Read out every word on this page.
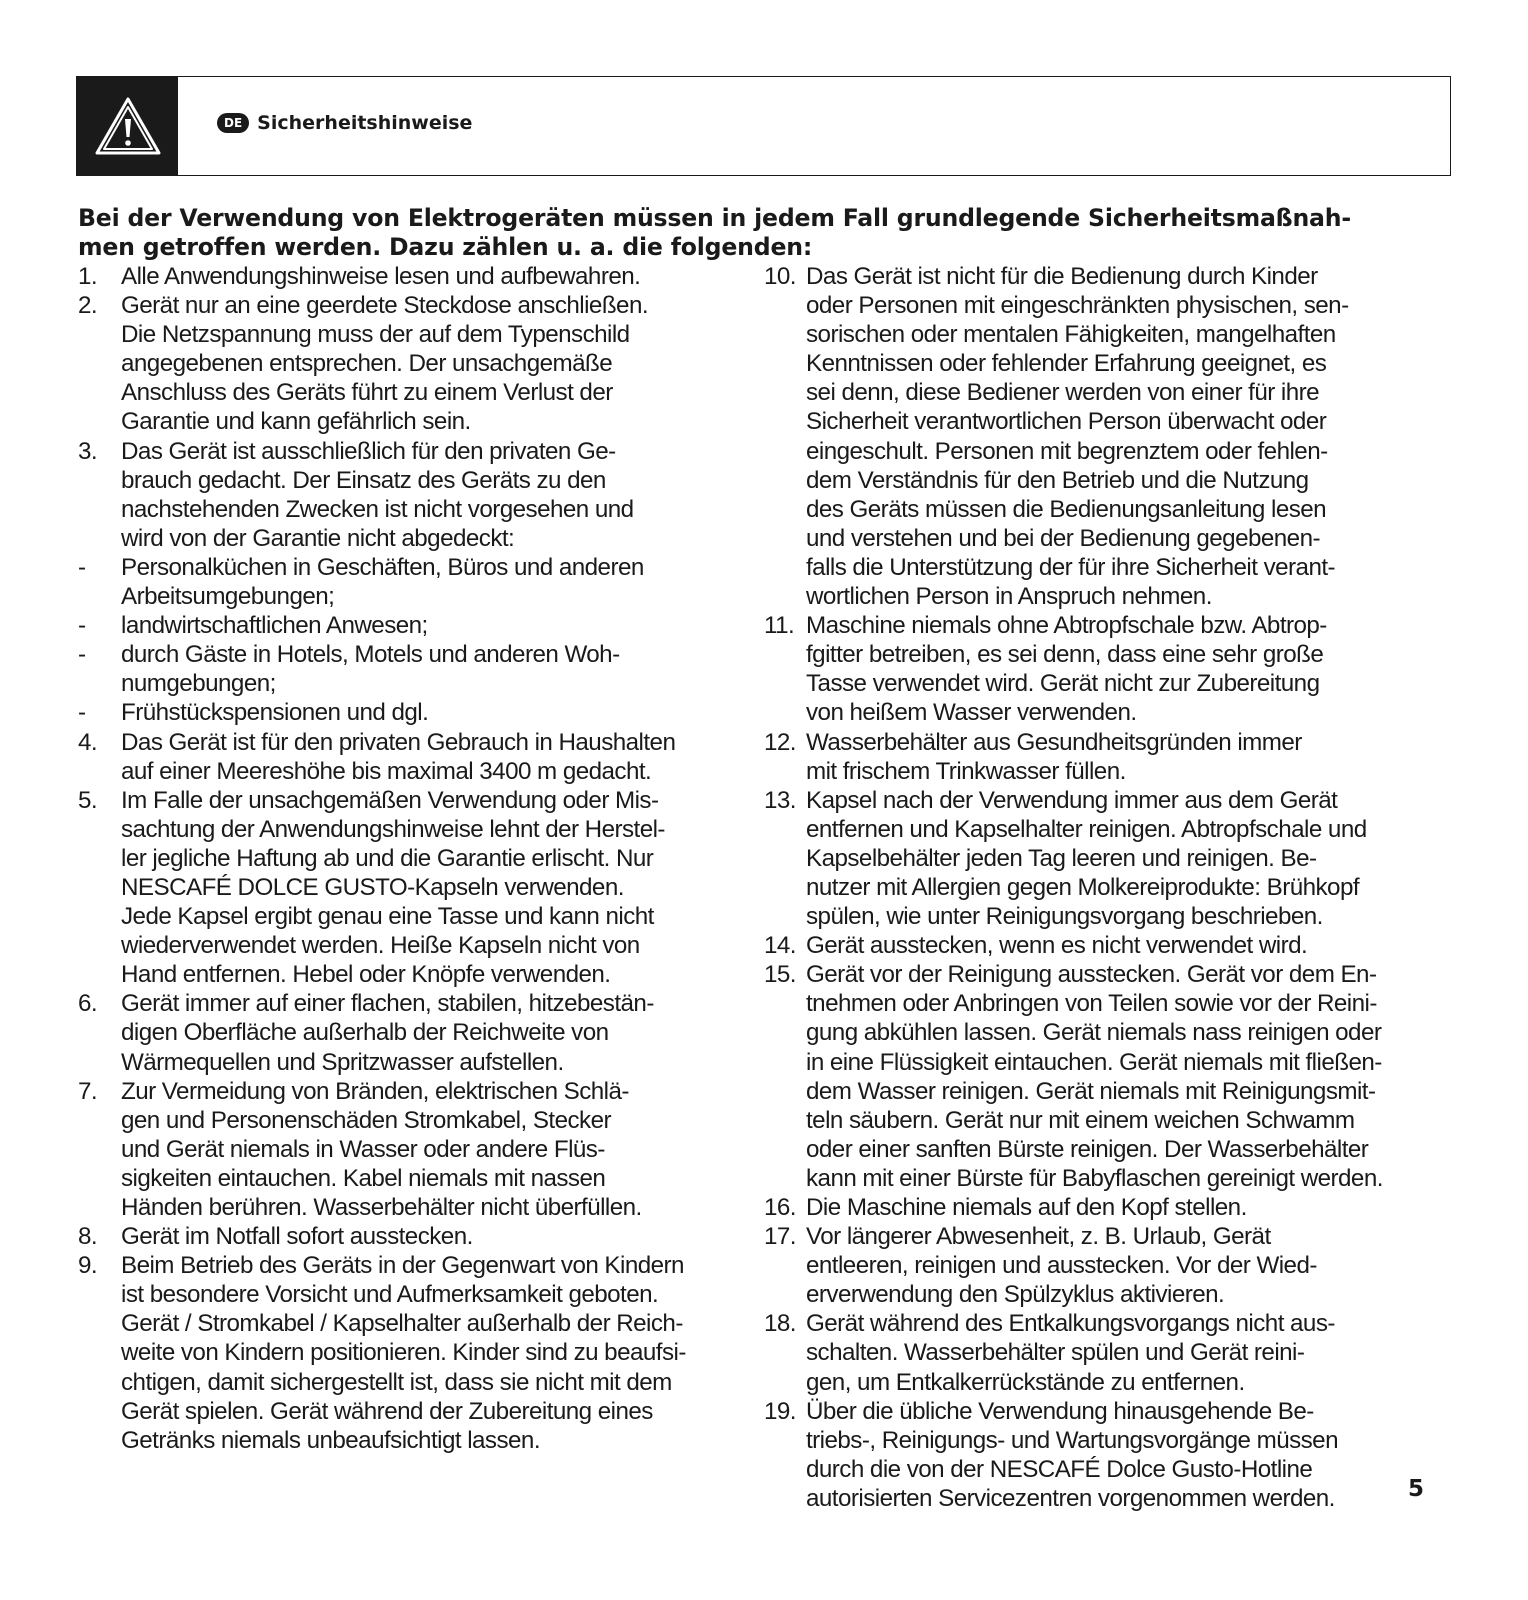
DE Sicherheitshinweise
Bei der Verwendung von Elektrogeräten müssen in jedem Fall grundlegende Sicherheitsmaßnah-
men getroffen werden. Dazu zählen u. a. die folgenden:
1. Alle Anwendungshinweise lesen und aufbewahren.
2. Gerät nur an eine geerdete Steckdose anschließen.
Die Netzspannung muss der auf dem Typenschild
angegebenen entsprechen. Der unsachgemäße
Anschluss des Geräts führt zu einem Verlust der
Garantie und kann gefährlich sein.
3. Das Gerät ist ausschließlich für den privaten Ge-
brauch gedacht. Der Einsatz des Geräts zu den
nachstehenden Zwecken ist nicht vorgesehen und
wird von der Garantie nicht abgedeckt:
-	Personalküchen in Geschäften, Büros und anderen
Arbeitsumgebungen;
-	landwirtschaftlichen Anwesen;
-	durch Gäste in Hotels, Motels und anderen Woh-
numgebungen;
-	Frühstückspensionen und dgl.
4. Das Gerät ist für den privaten Gebrauch in Haushalten
auf einer Meereshöhe bis maximal 3400 m gedacht.
5. Im Falle der unsachgemäßen Verwendung oder Mis-
sachtung der Anwendungshinweise lehnt der Herstel-
ler jegliche Haftung ab und die Garantie erlischt. Nur
NESCAFÉ DOLCE GUSTO-Kapseln verwenden.
Jede Kapsel ergibt genau eine Tasse und kann nicht
wiederverwendet werden. Heiße Kapseln nicht von
Hand entfernen. Hebel oder Knöpfe verwenden.
6. Gerät immer auf einer flachen, stabilen, hitzebestän-
digen Oberfläche außerhalb der Reichweite von
Wärmequellen und Spritzwasser aufstellen.
7. Zur Vermeidung von Bränden, elektrischen Schlä-
gen und Personenschäden Stromkabel, Stecker
und Gerät niemals in Wasser oder andere Flüs-
sigkeiten eintauchen. Kabel niemals mit nassen
Händen berühren. Wasserbehälter nicht überfüllen.
8. Gerät im Notfall sofort ausstecken.
9. Beim Betrieb des Geräts in der Gegenwart von Kindern
ist besondere Vorsicht und Aufmerksamkeit geboten.
Gerät / Stromkabel / Kapselhalter außerhalb der Reich-
weite von Kindern positionieren. Kinder sind zu beaufsi-
chtigen, damit sichergestellt ist, dass sie nicht mit dem
Gerät spielen. Gerät während der Zubereitung eines
Getränks niemals unbeaufsichtigt lassen.
10. Das Gerät ist nicht für die Bedienung durch Kinder
oder Personen mit eingeschränkten physischen, sen-
sorischen oder mentalen Fähigkeiten, mangelhaften
Kenntnissen oder fehlender Erfahrung geeignet, es
sei denn, diese Bediener werden von einer für ihre
Sicherheit verantwortlichen Person überwacht oder
eingeschult. Personen mit begrenztem oder fehlen-
dem Verständnis für den Betrieb und die Nutzung
des Geräts müssen die Bedienungsanleitung lesen
und verstehen und bei der Bedienung gegebenen-
falls die Unterstützung der für ihre Sicherheit verant-
wortlichen Person in Anspruch nehmen.
11. Maschine niemals ohne Abtropfschale bzw. Abtrop-
fgitter betreiben, es sei denn, dass eine sehr große
Tasse verwendet wird. Gerät nicht zur Zubereitung
von heißem Wasser verwenden.
12. Wasserbehälter aus Gesundheitsgründen immer
mit frischem Trinkwasser füllen.
13. Kapsel nach der Verwendung immer aus dem Gerät
entfernen und Kapselhalter reinigen. Abtropfschale und
Kapselbehälter jeden Tag leeren und reinigen. Be-
nutzer mit Allergien gegen Molkereiprodukte: Brühkopf
spülen, wie unter Reinigungsvorgang beschrieben.
14. Gerät ausstecken, wenn es nicht verwendet wird.
15. Gerät vor der Reinigung ausstecken. Gerät vor dem En-
tnehmen oder Anbringen von Teilen sowie vor der Reini-
gung abkühlen lassen. Gerät niemals nass reinigen oder
in eine Flüssigkeit eintauchen. Gerät niemals mit fließen-
dem Wasser reinigen. Gerät niemals mit Reinigungsmit-
teln säubern. Gerät nur mit einem weichen Schwamm
oder einer sanften Bürste reinigen. Der Wasserbehälter
kann mit einer Bürste für Babyflaschen gereinigt werden.
16. Die Maschine niemals auf den Kopf stellen.
17. Vor längerer Abwesenheit, z. B. Urlaub, Gerät
entleeren, reinigen und ausstecken. Vor der Wied-
erverwendung den Spülzyklus aktivieren.
18. Gerät während des Entkalkungsvorgangs nicht aus-
schalten. Wasserbehälter spülen und Gerät reini-
gen, um Entkalkerrückstände zu entfernen.
19. Über die übliche Verwendung hinausgehende Be-
triebs-, Reinigungs- und Wartungsvorgänge müssen
durch die von der NESCAFÉ Dolce Gusto-Hotline
autorisierten Servicezentren vorgenommen werden.	5
